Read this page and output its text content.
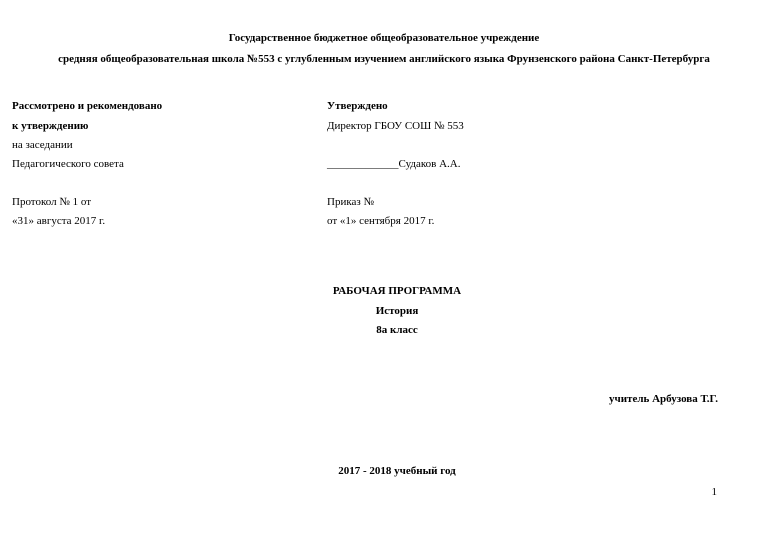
Государственное бюджетное общеобразовательное учреждение
средняя общеобразовательная школа №553 с углубленным изучением английского языка Фрунзенского района Санкт-Петербурга
Рассмотрено и рекомендовано
к утверждению
на заседании
Педагогического совета
Протокол № 1 от
«31» августа 2017 г.
Утверждено
Директор ГБОУ СОШ № 553
_____________Судаков А.А.
Приказ №
от «1» сентября 2017 г.
РАБОЧАЯ ПРОГРАММА
История
8а класс
учитель Арбузова Т.Г.
2017 - 2018 учебный год
1
